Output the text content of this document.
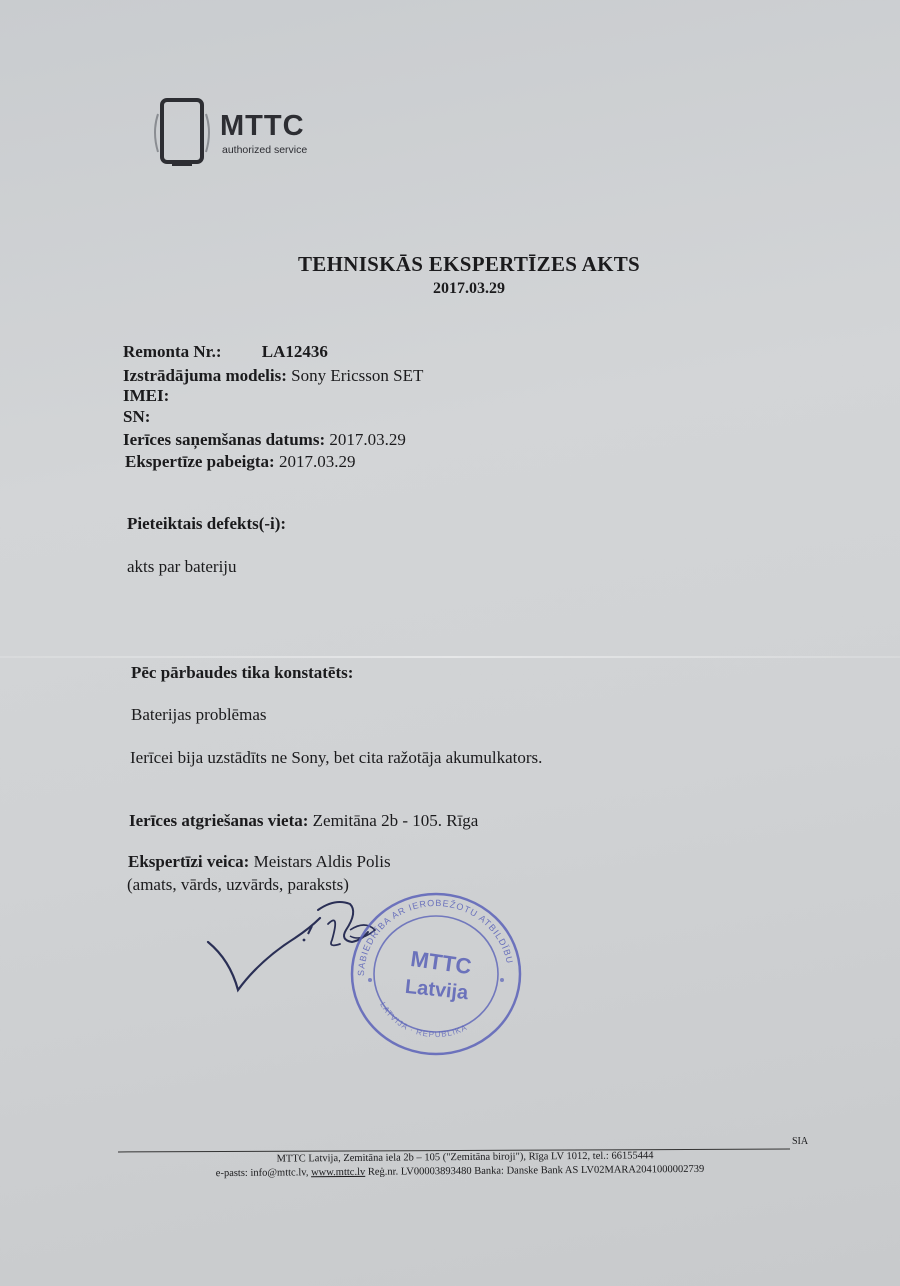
MTTC
authorized service
TEHNISKĀS EKSPERTĪZES AKTS
2017.03.29
Remonta Nr.: LA12436
Izstrādājuma modelis: Sony Ericsson SET
IMEI:
SN:
Ierīces saņemšanas datums: 2017.03.29
Ekspertīze pabeigta: 2017.03.29
Pieteiktais defekts(-i):
akts par bateriju
Pēc pārbaudes tika konstatēts:
Baterijas problēmas
Ierīcei bija uzstādīts ne Sony, bet cita ražotāja akumulkators.
Ierīces atgriešanas vieta: Zemitāna 2b - 105. Rīga
Ekspertīzi veica: Meistars Aldis Polis
(amats, vārds, uzvārds, paraksts)
SABIEDRĪBA AR IEROBEŽOTU ATBILDĪBU
LATVIJA · REPUBLIKA
MTTC
Latvija
SIA
MTTC Latvija, Zemitāna iela 2b – 105 ("Zemitāna biroji"), Rīga LV 1012, tel.: 66155444
e-pasts: info@mttc.lv, www.mttc.lv Reģ.nr. LV00003893480 Banka: Danske Bank AS LV02MARA2041000002739
